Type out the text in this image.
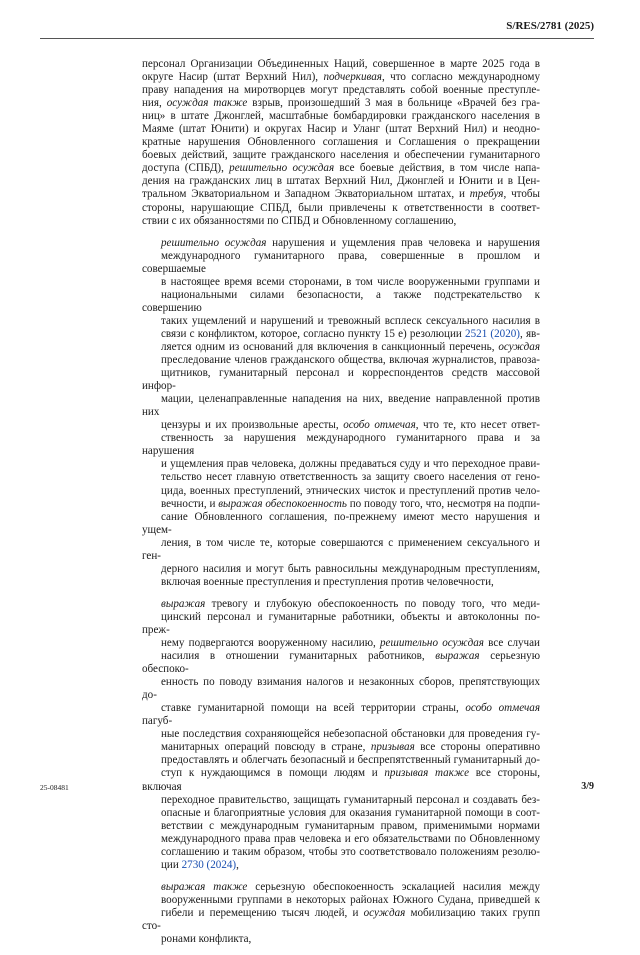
S/RES/2781 (2025)

персонал Организации Объединенных Наций, совершенное в марте 2025 года в
округе Насир (штат Верхний Нил), подчеркивая, что согласно международному
праву нападения на миротворцев могут представлять собой военные преступле-
ния, осуждая также взрыв, произошедший 3 мая в больнице «Врачей без гра-
ниц» в штате Джонглей, масштабные бомбардировки гражданского населения в
Маяме (штат Юнити) и округах Насир и Уланг (штат Верхний Нил) и неодно-
кратные нарушения Обновленного соглашения и Соглашения о прекращении
боевых действий, защите гражданского населения и обеспечении гуманитарного
доступа (СПБД), решительно осуждая все боевые действия, в том числе напа-
дения на гражданских лиц в штатах Верхний Нил, Джонглей и Юнити и в Цен-
тральном Экваториальном и Западном Экваториальном штатах, и требуя, чтобы
стороны, нарушающие СПБД, были привлечены к ответственности в соответ-
ствии с их обязанностями по СПБД и Обновленному соглашению,

решительно осуждая нарушения и ущемления прав человека и нарушения
международного гуманитарного права, совершенные в прошлом и совершаемые
в настоящее время всеми сторонами, в том числе вооруженными группами и
национальными силами безопасности, а также подстрекательство к совершению
таких ущемлений и нарушений и тревожный всплеск сексуального насилия в
связи с конфликтом, которое, согласно пункту 15 e) резолюции 2521 (2020), яв-
ляется одним из оснований для включения в санкционный перечень, осуждая
преследование членов гражданского общества, включая журналистов, правоза-
щитников, гуманитарный персонал и корреспондентов средств массовой инфор-
мации, целенаправленные нападения на них, введение направленной против них
цензуры и их произвольные аресты, особо отмечая, что те, кто несет ответ-
ственность за нарушения международного гуманитарного права и за нарушения
и ущемления прав человека, должны предаваться суду и что переходное прави-
тельство несет главную ответственность за защиту своего населения от гено-
цида, военных преступлений, этнических чисток и преступлений против чело-
вечности, и выражая обеспокоенность по поводу того, что, несмотря на подпи-
сание Обновленного соглашения, по-прежнему имеют место нарушения и ущем-
ления, в том числе те, которые совершаются с применением сексуального и ген-
дерного насилия и могут быть равносильны международным преступлениям,
включая военные преступления и преступления против человечности,

выражая тревогу и глубокую обеспокоенность по поводу того, что меди-
цинский персонал и гуманитарные работники, объекты и автоколонны по-преж-
нему подвергаются вооруженному насилию, решительно осуждая все случаи
насилия в отношении гуманитарных работников, выражая серьезную обеспоко-
енность по поводу взимания налогов и незаконных сборов, препятствующих до-
ставке гуманитарной помощи на всей территории страны, особо отмечая пагуб-
ные последствия сохраняющейся небезопасной обстановки для проведения гу-
манитарных операций повсюду в стране, призывая все стороны оперативно
предоставлять и облегчать безопасный и беспрепятственный гуманитарный до-
ступ к нуждающимся в помощи людям и призывая также все стороны, включая
переходное правительство, защищать гуманитарный персонал и создавать без-
опасные и благоприятные условия для оказания гуманитарной помощи в соот-
ветствии с международным гуманитарным правом, применимыми нормами
международного права прав человека и его обязательствами по Обновленному
соглашению и таким образом, чтобы это соответствовало положениям резолю-
ции 2730 (2024),

выражая также серьезную обеспокоенность эскалацией насилия между
вооруженными группами в некоторых районах Южного Судана, приведшей к
гибели и перемещению тысяч людей, и осуждая мобилизацию таких групп сто-
ронами конфликта,

25-08481	3/9
